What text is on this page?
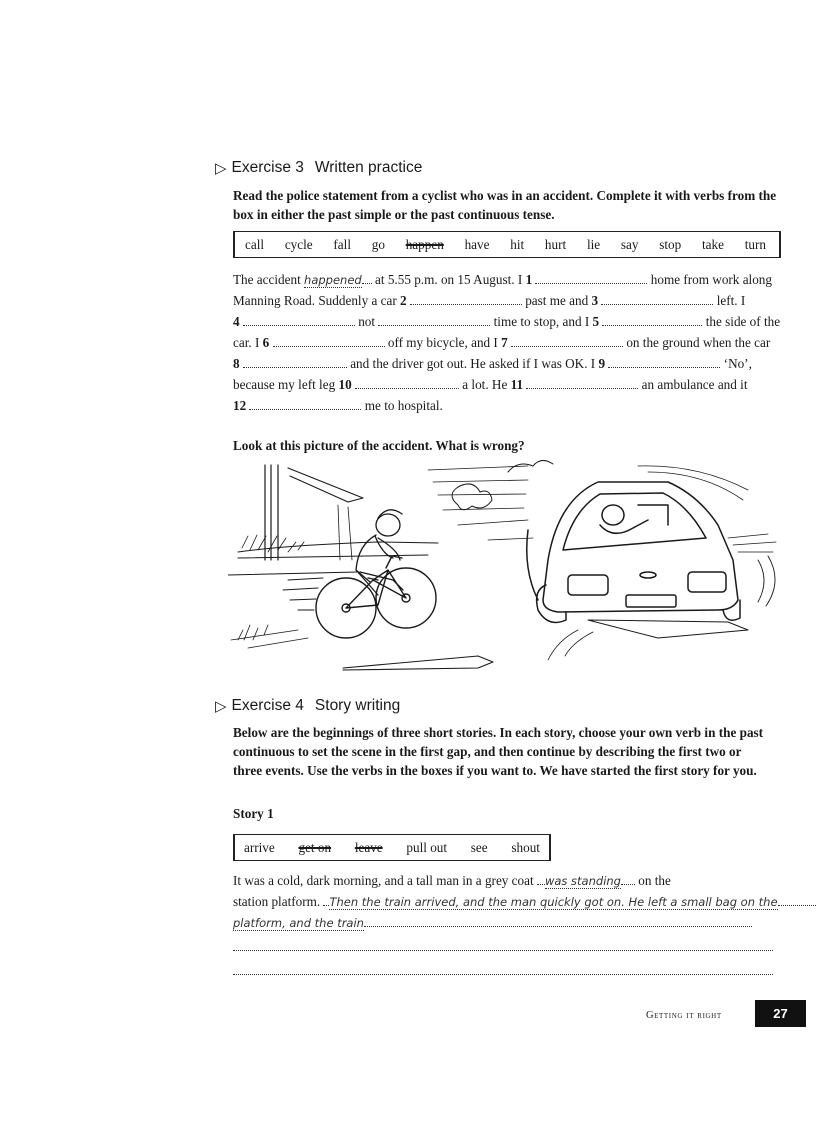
▷ Exercise 3 Written practice
Read the police statement from a cyclist who was in an accident. Complete it with verbs from the box in either the past simple or the past continuous tense.
call cycle fall go happen have hit hurt lie say stop take turn
The accident happened at 5.55 p.m. on 15 August. I 1	home from work along
Manning Road. Suddenly a car 2	past me and 3	left. I
4	not	time to stop, and I 5	the side of the
car. I 6	off my bicycle, and I 7	on the ground when the car
8	and the driver got out. He asked if I was OK. I 9	‘No’,
because my left leg 10	a lot. He 11	an ambulance and it
12	me to hospital.
Look at this picture of the accident. What is wrong?
▷ Exercise 4 Story writing
Below are the beginnings of three short stories. In each story, choose your own verb in the past continuous to set the scene in the first gap, and then continue by describing the first two or three events. Use the verbs in the boxes if you want to. We have started the first story for you.
Story 1
arrive get on leave pull out see shout
It was a cold, dark morning, and a tall man in a grey coat was standing on the
station platform. Then the train arrived, and the man quickly got on. He left a small bag on the
platform, and the train
Getting it right	27
